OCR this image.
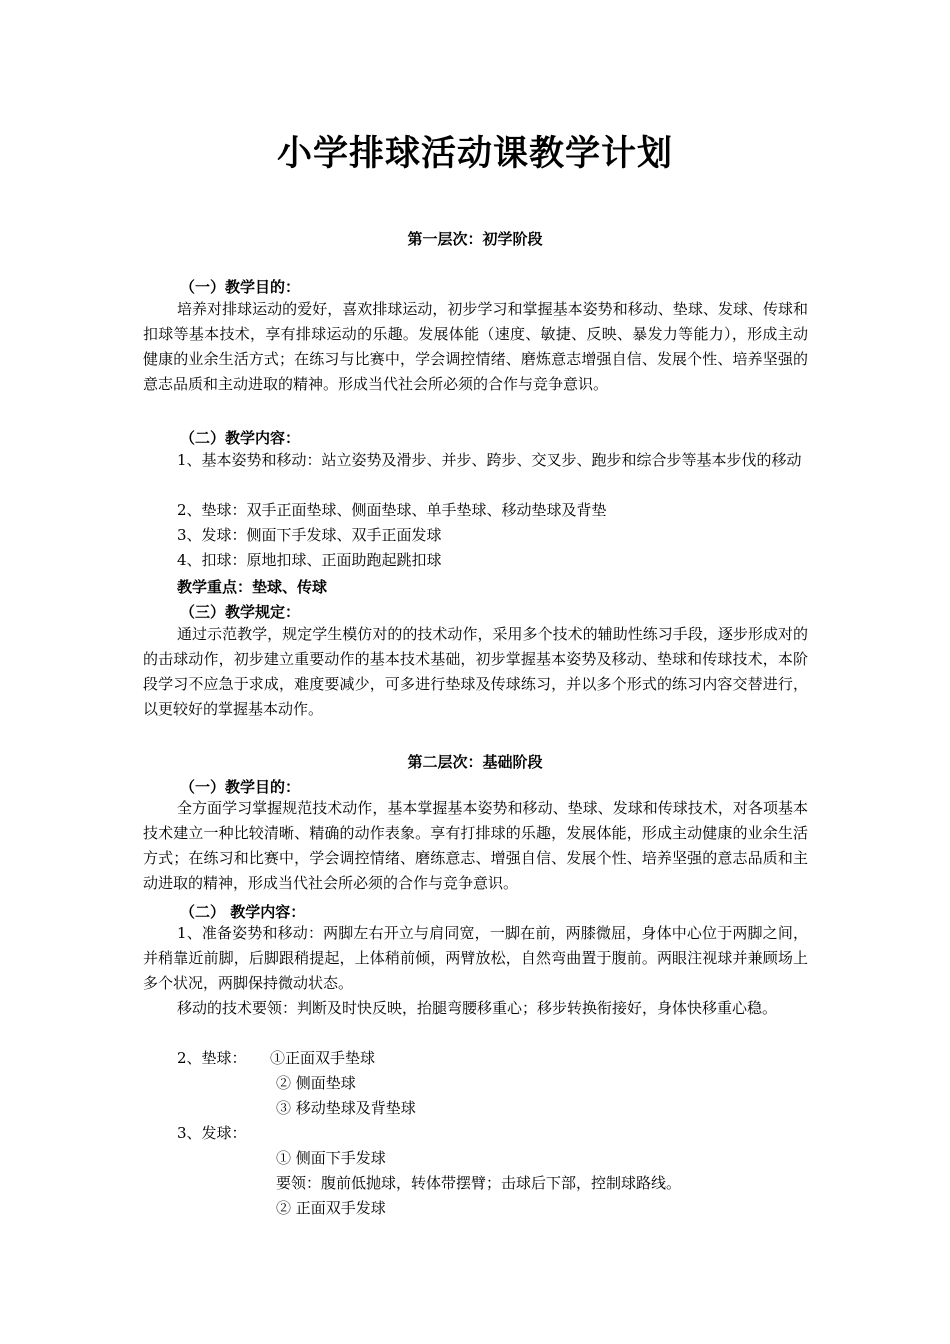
小学排球活动课教学计划
第一层次：初学阶段
（一）教学目的：
培养对排球运动的爱好，喜欢排球运动，初步学习和掌握基本姿势和移动、垫球、发球、传球和扣球等基本技术，享有排球运动的乐趣。发展体能（速度、敏捷、反映、暴发力等能力），形成主动健康的业余生活方式；在练习与比赛中，学会调控情绪、磨炼意志增强自信、发展个性、培养坚强的意志品质和主动进取的精神。形成当代社会所必须的合作与竞争意识。
（二）教学内容：
1、基本姿势和移动：站立姿势及滑步、并步、跨步、交叉步、跑步和综合步等基本步伐的移动
2、垫球：双手正面垫球、侧面垫球、单手垫球、移动垫球及背垫
3、发球：侧面下手发球、双手正面发球
4、扣球：原地扣球、正面助跑起跳扣球
教学重点：垫球、传球
（三）教学规定：
通过示范教学，规定学生模仿对的的技术动作，采用多个技术的辅助性练习手段，逐步形成对的的击球动作，初步建立重要动作的基本技术基础，初步掌握基本姿势及移动、垫球和传球技术，本阶段学习不应急于求成，难度要减少，可多进行垫球及传球练习，并以多个形式的练习内容交替进行，以更较好的掌握基本动作。
第二层次：基础阶段
（一）教学目的：
全方面学习掌握规范技术动作，基本掌握基本姿势和移动、垫球、发球和传球技术，对各项基本技术建立一种比较清晰、精确的动作表象。享有打排球的乐趣，发展体能，形成主动健康的业余生活方式；在练习和比赛中，学会调控情绪、磨练意志、增强自信、发展个性、培养坚强的意志品质和主动进取的精神，形成当代社会所必须的合作与竞争意识。
（二） 教学内容：
1、准备姿势和移动：两脚左右开立与肩同宽，一脚在前，两膝微屈，身体中心位于两脚之间，并稍靠近前脚，后脚跟稍提起，上体稍前倾，两臂放松，自然弯曲置于腹前。两眼注视球并兼顾场上多个状况，两脚保持微动状态。
移动的技术要领：判断及时快反映，抬腿弯腰移重心；移步转换衔接好，身体快移重心稳。
2、垫球： ①正面双手垫球
② 侧面垫球
③ 移动垫球及背垫球
3、发球：
① 侧面下手发球
要领：腹前低抛球，转体带摆臂；击球后下部，控制球路线。
② 正面双手发球
